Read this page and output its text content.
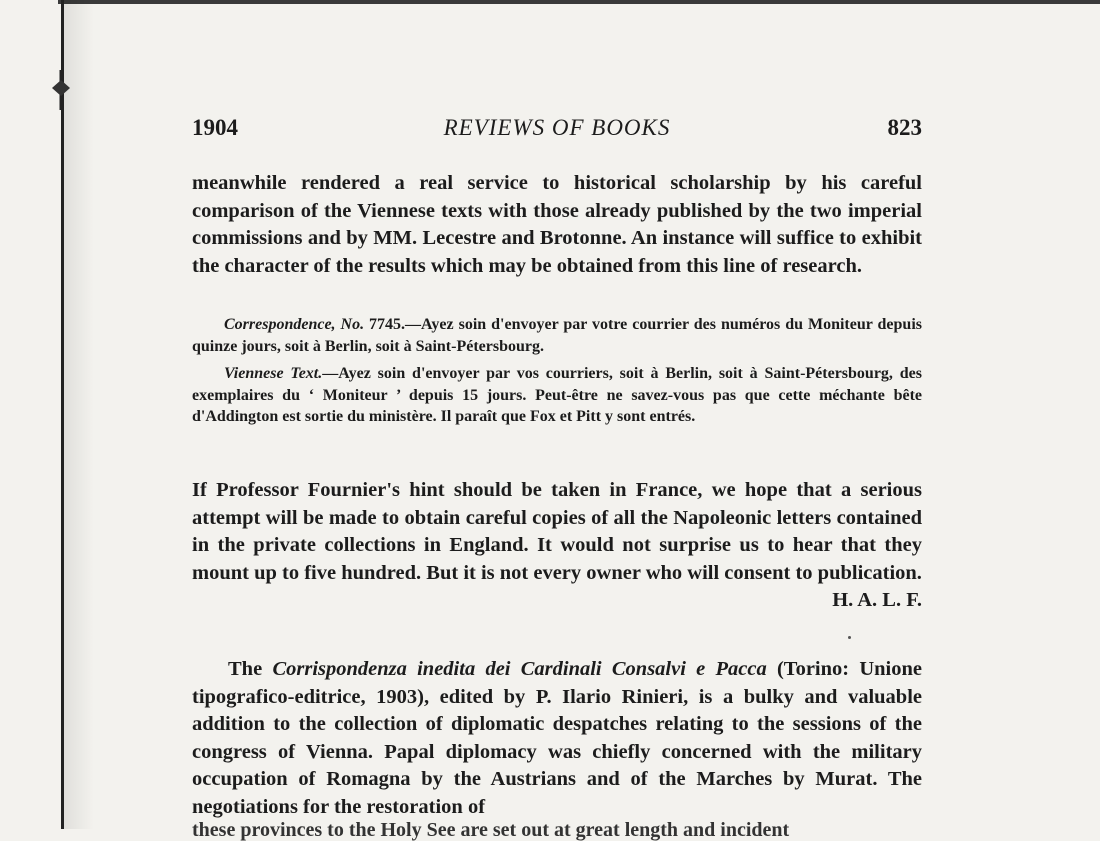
1904	REVIEWS OF BOOKS	823

meanwhile rendered a real service to historical scholarship by his careful comparison of the Viennese texts with those already published by the two imperial commissions and by MM. Lecestre and Brotonne. An instance will suffice to exhibit the character of the results which may be obtained from this line of research.

Correspondence, No. 7745.—Ayez soin d'envoyer par votre courrier des numéros du Moniteur depuis quinze jours, soit à Berlin, soit à Saint-Pétersbourg.

Viennese Text.—Ayez soin d'envoyer par vos courriers, soit à Berlin, soit à Saint-Pétersbourg, des exemplaires du ‘ Moniteur ’ depuis 15 jours. Peut-être ne savez-vous pas que cette méchante bête d'Addington est sortie du ministère. Il paraît que Fox et Pitt y sont entrés.

If Professor Fournier's hint should be taken in France, we hope that a serious attempt will be made to obtain careful copies of all the Napoleonic letters contained in the private collections in England. It would not surprise us to hear that they mount up to five hundred. But it is not every owner who will consent to publication.
H. A. L. F.

The Corrispondenza inedita dei Cardinali Consalvi e Pacca (Torino: Unione tipografico-editrice, 1903), edited by P. Ilario Rinieri, is a bulky and valuable addition to the collection of diplomatic despatches relating to the sessions of the congress of Vienna. Papal diplomacy was chiefly concerned with the military occupation of Romagna by the Austrians and of the Marches by Murat. The negotiations for the restoration of

these provinces to the Holy See are set out at great length and incident
